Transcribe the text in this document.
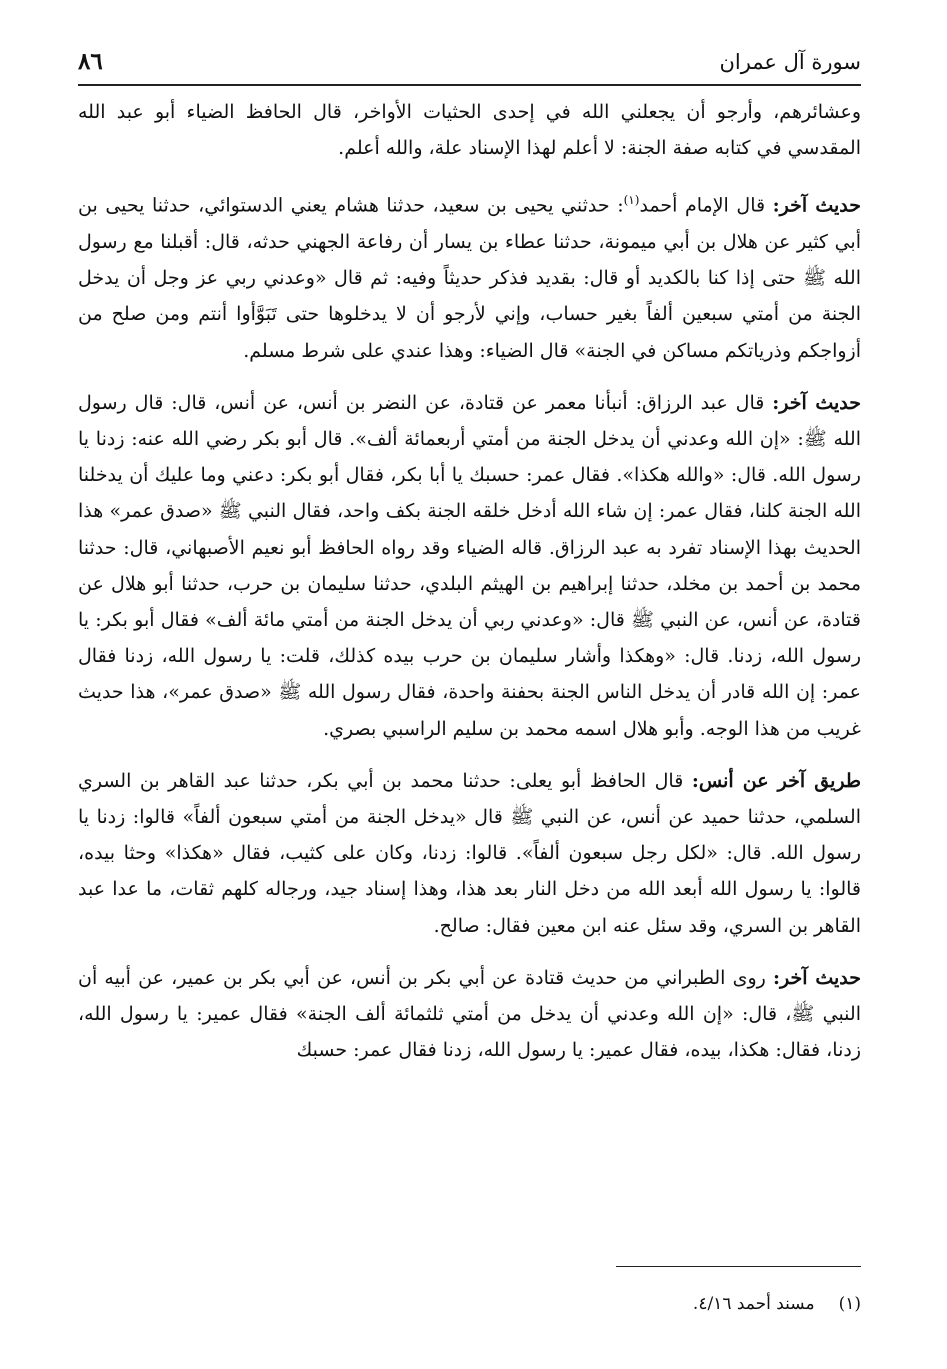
سورة آل عمران
٨٦

وعشائرهم، وأرجو أن يجعلني الله في إحدى الحثيات الأواخر، قال الحافظ الضياء أبو عبد الله المقدسي في كتابه صفة الجنة: لا أعلم لهذا الإسناد علة، والله أعلم.

حديث آخر: قال الإمام أحمد$^{(١)}$: حدثني يحيى بن سعيد، حدثنا هشام يعني الدستوائي، حدثنا يحيى بن أبي كثير عن هلال بن أبي ميمونة، حدثنا عطاء بن يسار أن رفاعة الجهني حدثه، قال: أقبلنا مع رسول الله ﷺ حتى إذا كنا بالكديد أو قال: بقديد فذكر حديثاً وفيه: ثم قال «وعدني ربي عز وجل أن يدخل الجنة من أمتي سبعين ألفاً بغير حساب، وإني لأرجو أن لا يدخلوها حتى تَبَوَّأوا أنتم ومن صلح من أزواجكم وذرياتكم مساكن في الجنة» قال الضياء: وهذا عندي على شرط مسلم.

حديث آخر: قال عبد الرزاق: أنبأنا معمر عن قتادة، عن النضر بن أنس، عن أنس، قال: قال رسول الله ﷺ: «إن الله وعدني أن يدخل الجنة من أمتي أربعمائة ألف». قال أبو بكر رضي الله عنه: زدنا يا رسول الله. قال: «والله هكذا». فقال عمر: حسبك يا أبا بكر، فقال أبو بكر: دعني وما عليك أن يدخلنا الله الجنة كلنا، فقال عمر: إن شاء الله أدخل خلقه الجنة بكف واحد، فقال النبي ﷺ «صدق عمر» هذا الحديث بهذا الإسناد تفرد به عبد الرزاق. قاله الضياء وقد رواه الحافظ أبو نعيم الأصبهاني، قال: حدثنا محمد بن أحمد بن مخلد، حدثنا إبراهيم بن الهيثم البلدي، حدثنا سليمان بن حرب، حدثنا أبو هلال عن قتادة، عن أنس، عن النبي ﷺ قال: «وعدني ربي أن يدخل الجنة من أمتي مائة ألف» فقال أبو بكر: يا رسول الله، زدنا. قال: «وهكذا وأشار سليمان بن حرب بيده كذلك، قلت: يا رسول الله، زدنا فقال عمر: إن الله قادر أن يدخل الناس الجنة بحفنة واحدة، فقال رسول الله ﷺ «صدق عمر»، هذا حديث غريب من هذا الوجه. وأبو هلال اسمه محمد بن سليم الراسبي بصري.

طريق آخر عن أنس: قال الحافظ أبو يعلى: حدثنا محمد بن أبي بكر، حدثنا عبد القاهر بن السري السلمي، حدثنا حميد عن أنس، عن النبي ﷺ قال «يدخل الجنة من أمتي سبعون ألفاً» قالوا: زدنا يا رسول الله. قال: «لكل رجل سبعون ألفاً». قالوا: زدنا، وكان على كثيب، فقال «هكذا» وحثا بيده، قالوا: يا رسول الله أبعد الله من دخل النار بعد هذا، وهذا إسناد جيد، ورجاله كلهم ثقات، ما عدا عبد القاهر بن السري، وقد سئل عنه ابن معين فقال: صالح.

حديث آخر: روى الطبراني من حديث قتادة عن أبي بكر بن أنس، عن أبي بكر بن عمير، عن أبيه أن النبي ﷺ، قال: «إن الله وعدني أن يدخل من أمتي ثلثمائة ألف الجنة» فقال عمير: يا رسول الله، زدنا، فقال: هكذا، بيده، فقال عمير: يا رسول الله، زدنا فقال عمر: حسبك

(١)مسند أحمد ٤/١٦.
